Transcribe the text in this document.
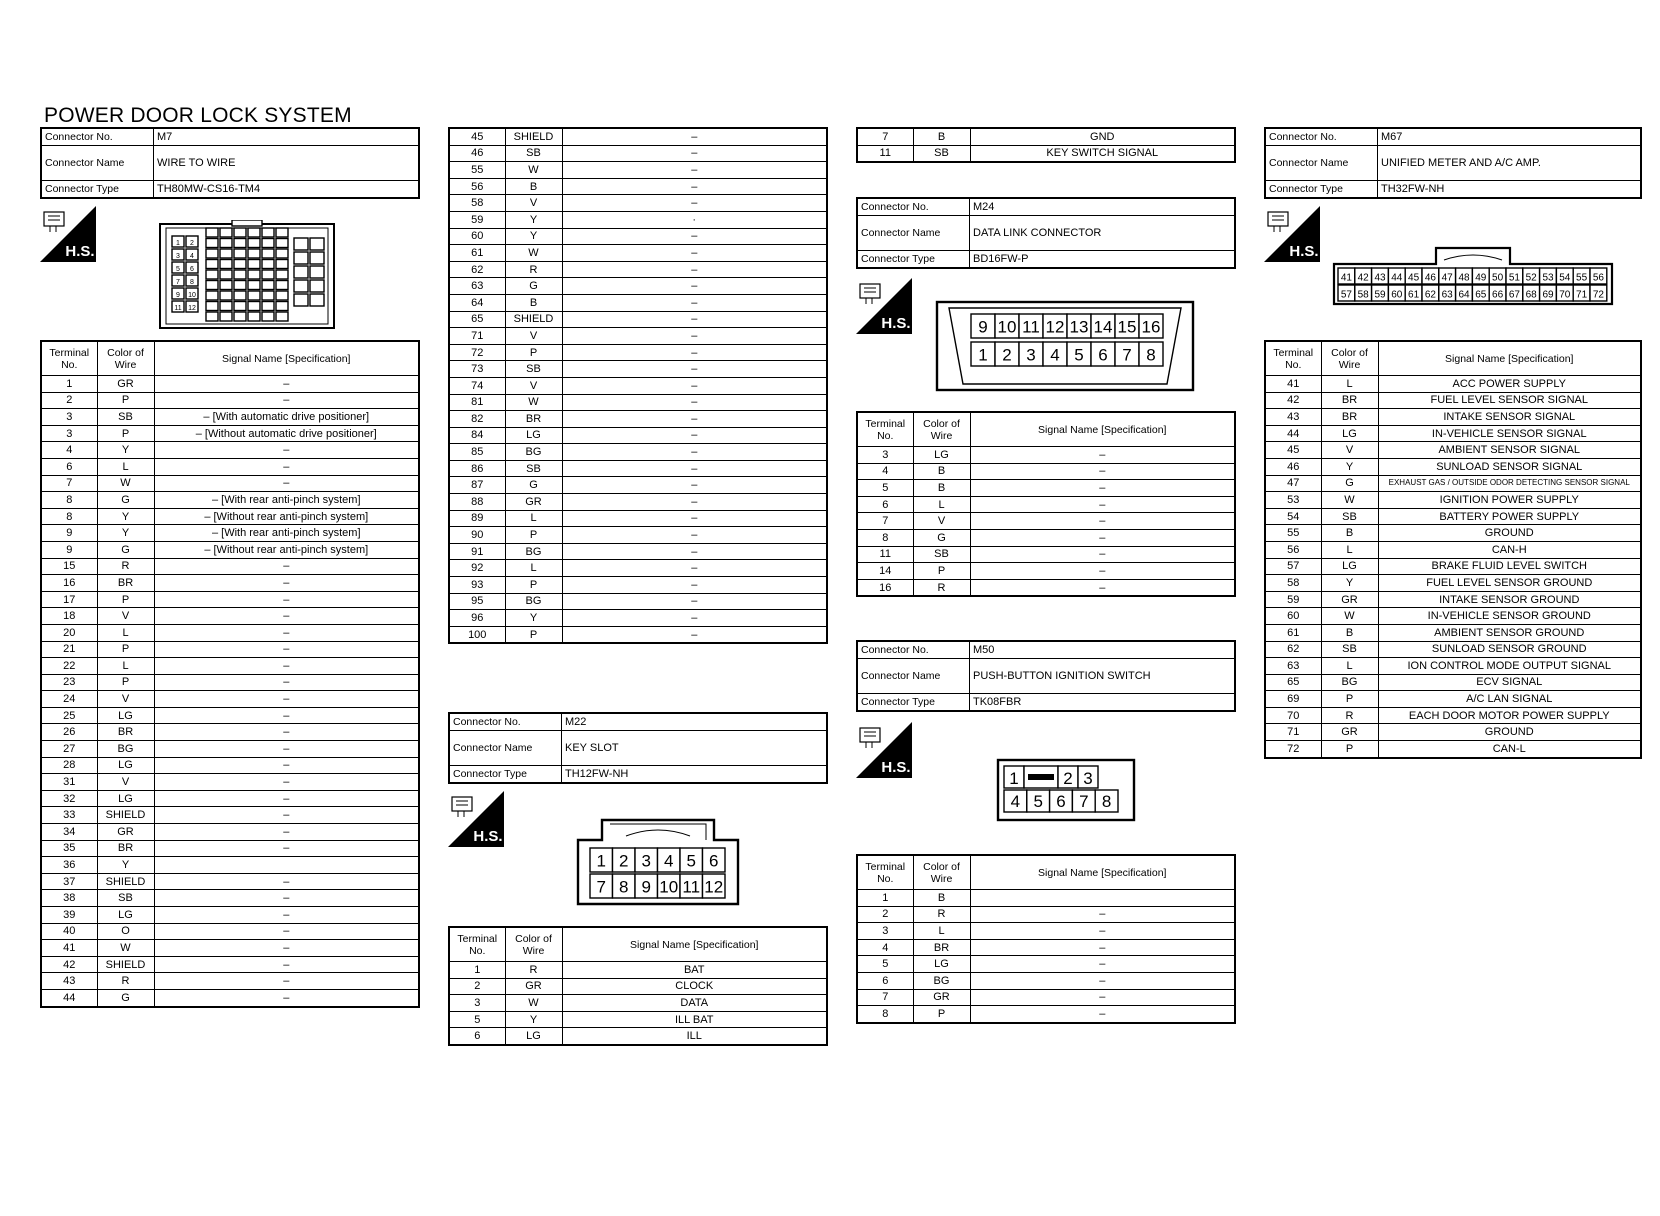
POWER DOOR LOCK SYSTEM
Connector No.	M7
Connector Name	WIRE TO WIRE
Connector Type	TH80MW-CS16-TM4
H.S.	1 2
3 4
5 6
7 8
9 10
11 12
Terminal No.	Color of Wire	Signal Name [Specification]
1	GR	–
2	P	–
3	SB	– [With automatic drive positioner]
3	P	– [Without automatic drive positioner]
4	Y	–
6	L	–
7	W	–
8	G	– [With rear anti-pinch system]
8	Y	– [Without rear anti-pinch system]
9	Y	– [With rear anti-pinch system]
9	G	– [Without rear anti-pinch system]
15	R	–
16	BR	–
17	P	–
18	V	–
20	L	–
21	P	–
22	L	–
23	P	–
24	V	–
25	LG	–
26	BR	–
27	BG	–
28	LG	–
31	V	–
32	LG	–
33	SHIELD	–
34	GR	–
35	BR	–
36	Y	
37	SHIELD	–
38	SB	–
39	LG	–
40	O	–
41	W	–
42	SHIELD	–
43	R	–
44	G	–
45	SHIELD	–
46	SB	–
55	W	–
56	B	–
58	V	–
59	Y	·
60	Y	–
61	W	–
62	R	–
63	G	–
64	B	–
65	SHIELD	–
71	V	–
72	P	–
73	SB	–
74	V	–
81	W	–
82	BR	–
84	LG	–
85	BG	–
86	SB	–
87	G	–
88	GR	–
89	L	–
90	P	–
91	BG	–
92	L	–
93	P	–
95	BG	–
96	Y	–
100	P	–
Connector No.	M22
Connector Name	KEY SLOT
Connector Type	TH12FW-NH
H.S.
1 2 3 4 5 6
7 8 9 10 11 12
Terminal No.	Color of Wire	Signal Name [Specification]
1	R	BAT
2	GR	CLOCK
3	W	DATA
5	Y	ILL BAT
6	LG	ILL
7	B	GND
11	SB	KEY SWITCH SIGNAL
Connector No.	M24
Connector Name	DATA LINK CONNECTOR
Connector Type	BD16FW-P
H.S.	9 10 11 12 13 14 15 16
1 2 3 4 5 6 7 8
Terminal No.	Color of Wire	Signal Name [Specification]
3	LG	–
4	B	–
5	B	–
6	L	–
7	V	–
8	G	–
11	SB	–
14	P	–
16	R	–
Connector No.	M50
Connector Name	PUSH-BUTTON IGNITION SWITCH
Connector Type	TK08FBR
H.S.
1	2 3
4 5 6 7 8
Terminal No.	Color of Wire	Signal Name [Specification]
1	B	
2	R	–
3	L	–
4	BR	–
5	LG	–
6	BG	–
7	GR	–
8	P	–
Connector No.	M67
Connector Name	UNIFIED METER AND A/C AMP.
Connector Type	TH32FW-NH
H.S.
41 42 43 44 45 46 47 48 49 50 51 52 53 54 55 56
57 58 59 60 61 62 63 64 65 66 67 68 69 70 71 72
Terminal No.	Color of Wire	Signal Name [Specification]
41	L	ACC POWER SUPPLY
42	BR	FUEL LEVEL SENSOR SIGNAL
43	BR	INTAKE SENSOR SIGNAL
44	LG	IN-VEHICLE SENSOR SIGNAL
45	V	AMBIENT SENSOR SIGNAL
46	Y	SUNLOAD SENSOR SIGNAL
47	G	EXHAUST GAS / OUTSIDE ODOR DETECTING SENSOR SIGNAL
53	W	IGNITION POWER SUPPLY
54	SB	BATTERY POWER SUPPLY
55	B	GROUND
56	L	CAN-H
57	LG	BRAKE FLUID LEVEL SWITCH
58	Y	FUEL LEVEL SENSOR GROUND
59	GR	INTAKE SENSOR GROUND
60	W	IN-VEHICLE SENSOR GROUND
61	B	AMBIENT SENSOR GROUND
62	SB	SUNLOAD SENSOR GROUND
63	L	ION CONTROL MODE OUTPUT SIGNAL
65	BG	ECV SIGNAL
69	P	A/C LAN SIGNAL
70	R	EACH DOOR MOTOR POWER SUPPLY
71	GR	GROUND
72	P	CAN-L
